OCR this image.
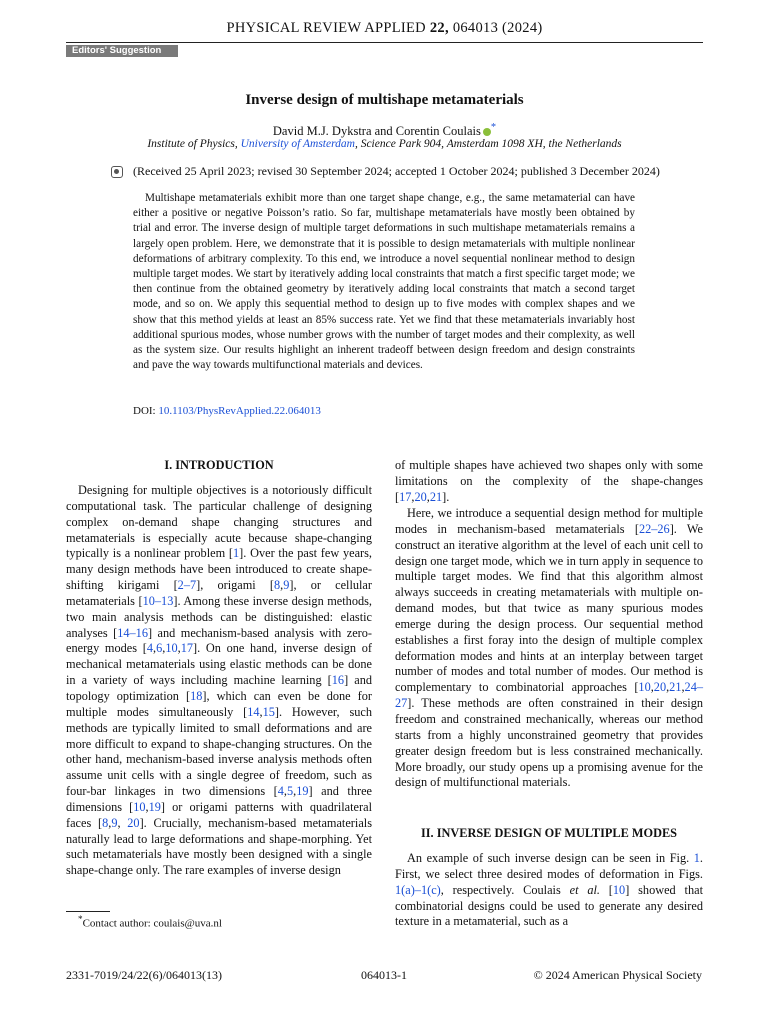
PHYSICAL REVIEW APPLIED 22, 064013 (2024)
Editors' Suggestion
Inverse design of multishape metamaterials
David M.J. Dykstra and Corentin Coulais *
Institute of Physics, University of Amsterdam, Science Park 904, Amsterdam 1098 XH, the Netherlands
(Received 25 April 2023; revised 30 September 2024; accepted 1 October 2024; published 3 December 2024)

Multishape metamaterials exhibit more than one target shape change, e.g., the same metamaterial can have either a positive or negative Poisson’s ratio. So far, multishape metamaterials have mostly been obtained by trial and error. The inverse design of multiple target deformations in such multishape metamaterials remains a largely open problem. Here, we demonstrate that it is possible to design metamaterials with multiple nonlinear deformations of arbitrary complexity. To this end, we introduce a novel sequential nonlinear method to design multiple target modes. We start by iteratively adding local constraints that match a first specific target mode; we then continue from the obtained geometry by iteratively adding local constraints that match a second target mode, and so on. We apply this sequential method to design up to five modes with complex shapes and we show that this method yields at least an 85% success rate. Yet we find that these metamaterials invariably host additional spurious modes, whose number grows with the number of target modes and their complexity, as well as the system size. Our results highlight an inherent tradeoff between design freedom and design constraints and pave the way towards multifunctional materials and devices.

DOI: 10.1103/PhysRevApplied.22.064013
I. INTRODUCTION

Designing for multiple objectives is a notoriously difficult computational task. The particular challenge of designing complex on-demand shape changing structures and metamaterials is especially acute because shape-changing typically is a nonlinear problem [1]. Over the past few years, many design methods have been introduced to create shape-shifting kirigami [2–7], origami [8,9], or cellular metamaterials [10–13]. Among these inverse design methods, two main analysis methods can be distinguished: elastic analyses [14–16] and mechanism-based analysis with zero-energy modes [4,6,10,17]. On one hand, inverse design of mechanical metamaterials using elastic methods can be done in a variety of ways including machine learning [16] and topology optimization [18], which can even be done for multiple modes simultaneously [14,15]. However, such methods are typically limited to small deformations and are more difficult to expand to shape-changing structures. On the other hand, mechanism-based inverse analysis methods often assume unit cells with a single degree of freedom, such as four-bar linkages in two dimensions [4,5,19] and three dimensions [10,19] or origami patterns with quadrilateral faces [8,9, 20]. Crucially, mechanism-based metamaterials naturally lead to large deformations and shape-morphing. Yet such metamaterials have mostly been designed with a single shape-change only. The rare examples of inverse design

of multiple shapes have achieved two shapes only with some limitations on the complexity of the shape-changes [17,20,21].

Here, we introduce a sequential design method for multiple modes in mechanism-based metamaterials [22–26]. We construct an iterative algorithm at the level of each unit cell to design one target mode, which we in turn apply in sequence to multiple target modes. We find that this algorithm almost always succeeds in creating metamaterials with multiple on-demand modes, but that twice as many spurious modes emerge during the design process. Our sequential method establishes a first foray into the design of multiple complex deformation modes and hints at an interplay between target number of modes and total number of modes. Our method is complementary to combinatorial approaches [10,20,21,24–27]. These methods are often constrained in their design freedom and constrained mechanically, whereas our method starts from a highly unconstrained geometry that provides greater design freedom but is less constrained mechanically. More broadly, our study opens up a promising avenue for the design of multifunctional materials.

II. INVERSE DESIGN OF MULTIPLE MODES

An example of such inverse design can be seen in Fig. 1. First, we select three desired modes of deformation in Figs. 1(a)–1(c), respectively. Coulais et al. [10] showed that combinatorial designs could be used to generate any desired texture in a metamaterial, such as a

*Contact author: coulais@uva.nl
2331-7019/24/22(6)/064013(13)	064013-1	© 2024 American Physical Society
